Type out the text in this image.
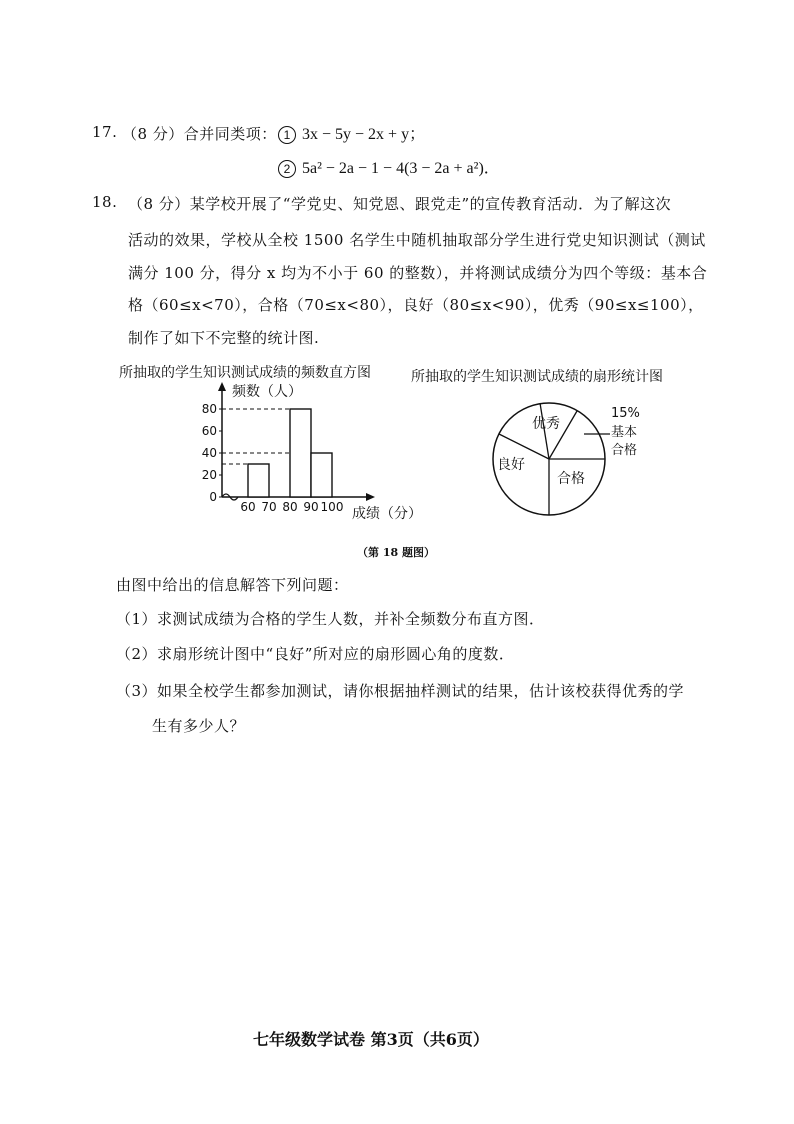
17. （8 分）合并同类项： 1 3x − 5y − 2x + y；
2 5a² − 2a − 1 − 4(3 − 2a + a²)．
18. （8 分）某学校开展了“学党史、知党恩、跟党走”的宣传教育活动．为了解这次
活动的效果，学校从全校 1500 名学生中随机抽取部分学生进行党史知识测试（测试
满分 100 分，得分 x 均为不小于 60 的整数），并将测试成绩分为四个等级：基本合
格（60≤x<70），合格（70≤x<80），良好（80≤x<90），优秀（90≤x≤100），
制作了如下不完整的统计图.
所抽取的学生知识测试成绩的频数直方图
0
20
40
60
80
60 70 80 90 100
频数（人）
成绩（分）
所抽取的学生知识测试成绩的扇形统计图
优秀
良好
合格
15%
基本
合格
（第 18 题图）
由图中给出的信息解答下列问题：
（1）求测试成绩为合格的学生人数，并补全频数分布直方图．
（2）求扇形统计图中“良好”所对应的扇形圆心角的度数．
（3）如果全校学生都参加测试，请你根据抽样测试的结果，估计该校获得优秀的学
生有多少人？
七年级数学试卷 第3页（共6页）
